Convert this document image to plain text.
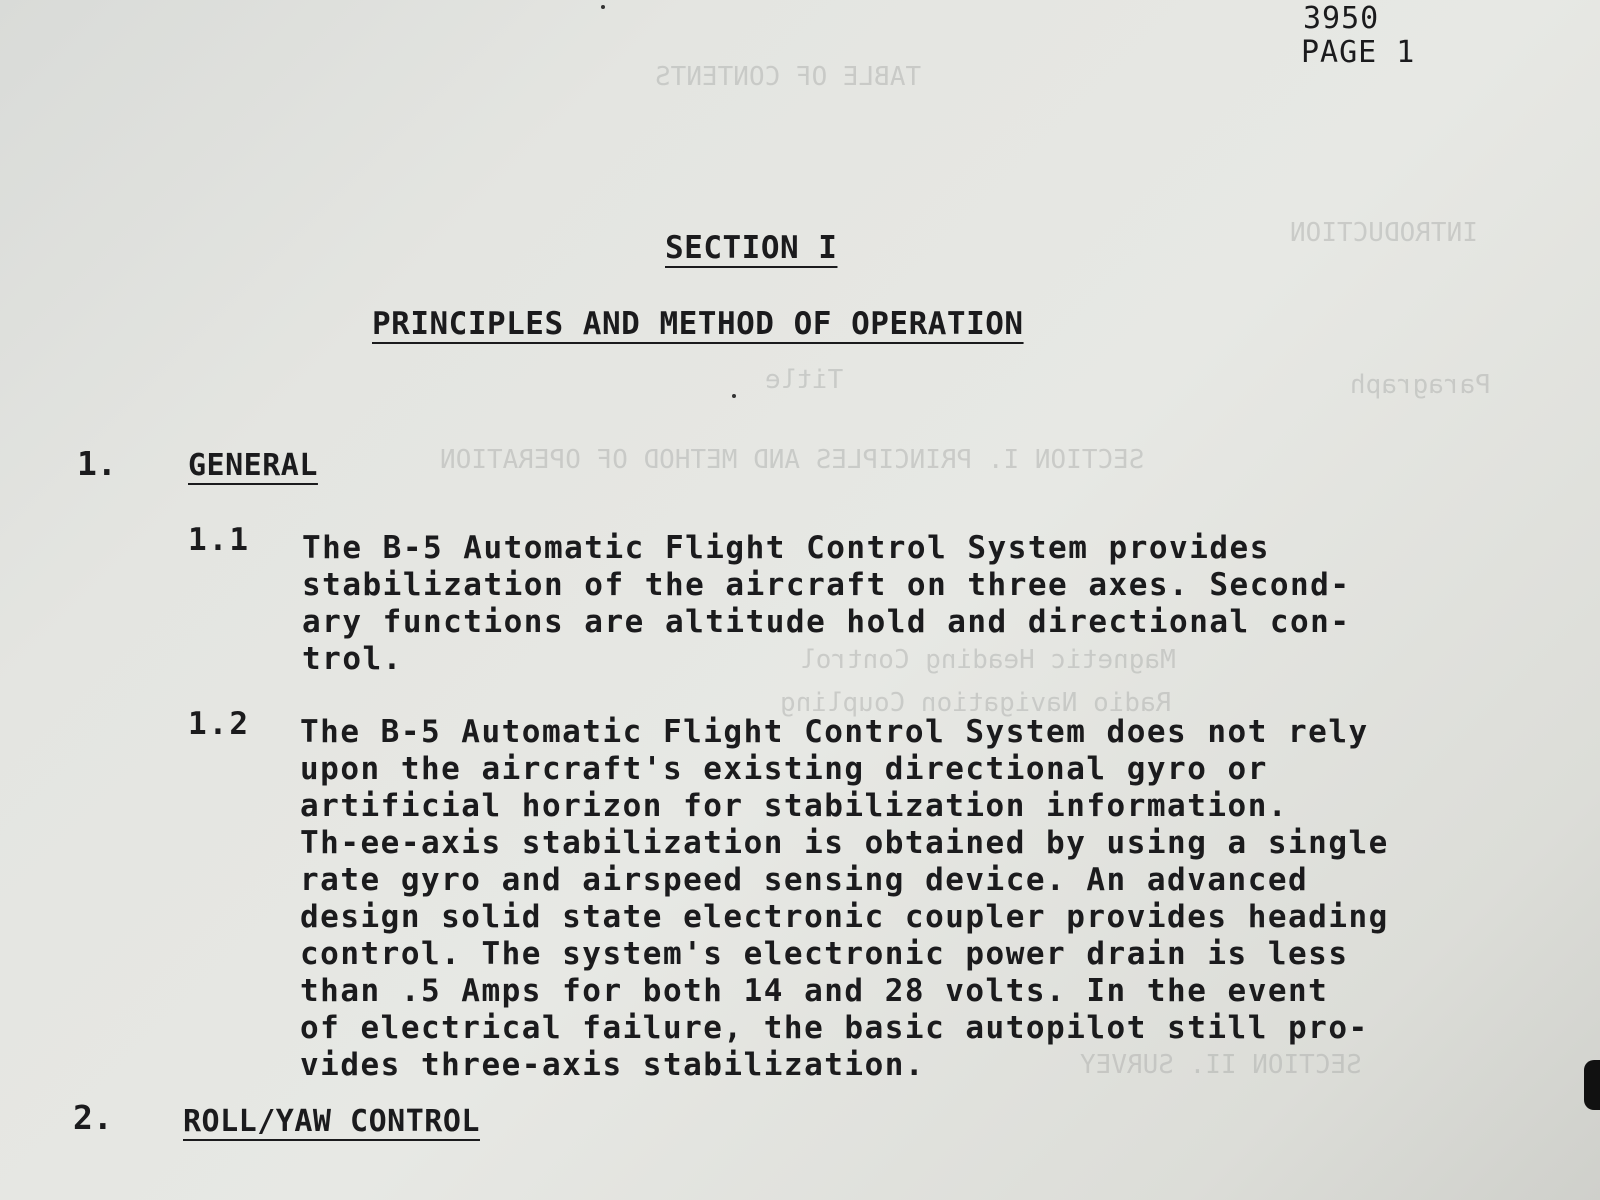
TABLE OF CONTENTS
INTRODUCTION
Title	Paragraph
SECTION I. PRINCIPLES AND METHOD OF OPERATION
Magnetic Heading Control
Radio Navigation Coupling
SECTION II. SURVEY
3950
PAGE 1
SECTION I
PRINCIPLES AND METHOD OF OPERATION
1. GENERAL
1.1 The B-5 Automatic Flight Control System provides
stabilization of the aircraft on three axes. Second-
ary functions are altitude hold and directional con-
trol.
1.2 The B-5 Automatic Flight Control System does not rely
upon the aircraft's existing directional gyro or
artificial horizon for stabilization information.
Th-ee-axis stabilization is obtained by using a single
rate gyro and airspeed sensing device. An advanced
design solid state electronic coupler provides heading
control. The system's electronic power drain is less
than .5 Amps for both 14 and 28 volts. In the event
of electrical failure, the basic autopilot still pro-
vides three-axis stabilization.
2. ROLL/YAW CONTROL
